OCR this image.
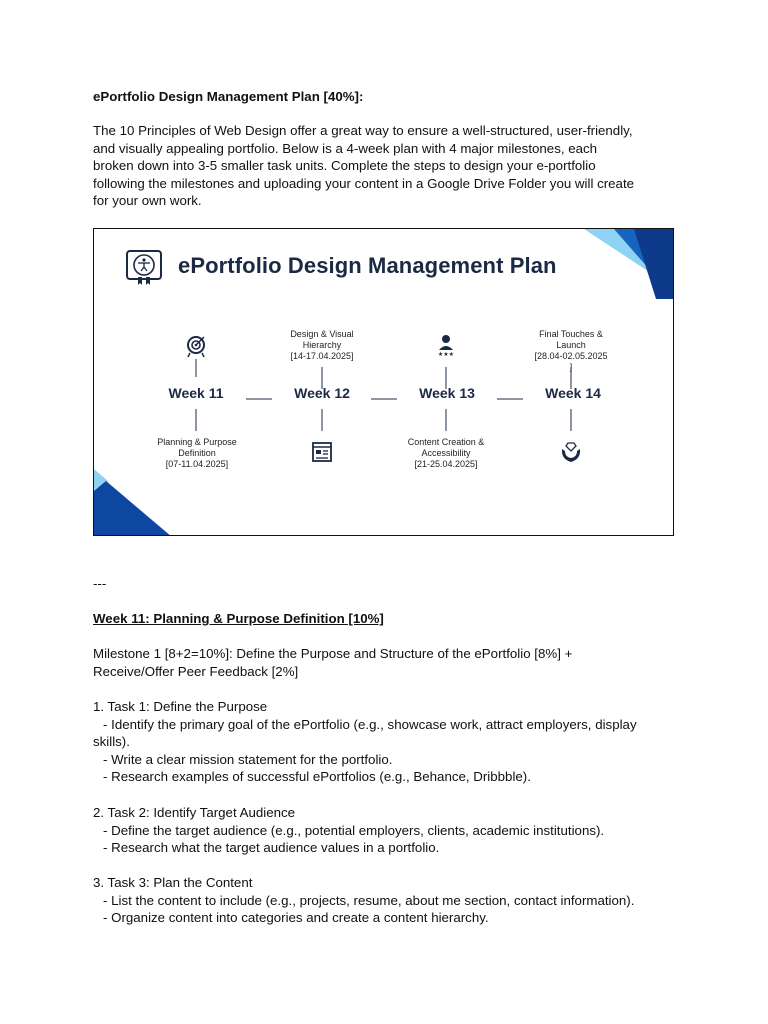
ePortfolio Design Management Plan [40%]:
The 10 Principles of Web Design offer a great way to ensure a well-structured, user-friendly,
and visually appealing portfolio. Below is a 4-week plan with 4 major milestones, each
broken down into 3-5 smaller task units. Complete the steps to design your e-portfolio
following the milestones and uploading your content in a Google Drive Folder you will create
for your own work.
★★★
ePortfolio Design Management Plan
Week 11	Week 12	Week 13	Week 14
Planning & Purpose
Definition
[07-11.04.2025]
Design & Visual
Hierarchy
[14-17.04.2025]
Content Creation &
Accessibility
[21-25.04.2025]
Final Touches &
Launch
[28.04-02.05.2025
]
---
Week 11: Planning & Purpose Definition [10%]
Milestone 1 [8+2=10%]: Define the Purpose and Structure of the ePortfolio [8%] +
Receive/Offer Peer Feedback [2%]
1. Task 1: Define the Purpose
- Identify the primary goal of the ePortfolio (e.g., showcase work, attract employers, display
skills).
- Write a clear mission statement for the portfolio.
- Research examples of successful ePortfolios (e.g., Behance, Dribbble).
2. Task 2: Identify Target Audience
- Define the target audience (e.g., potential employers, clients, academic institutions).
- Research what the target audience values in a portfolio.
3. Task 3: Plan the Content
- List the content to include (e.g., projects, resume, about me section, contact information).
- Organize content into categories and create a content hierarchy.
